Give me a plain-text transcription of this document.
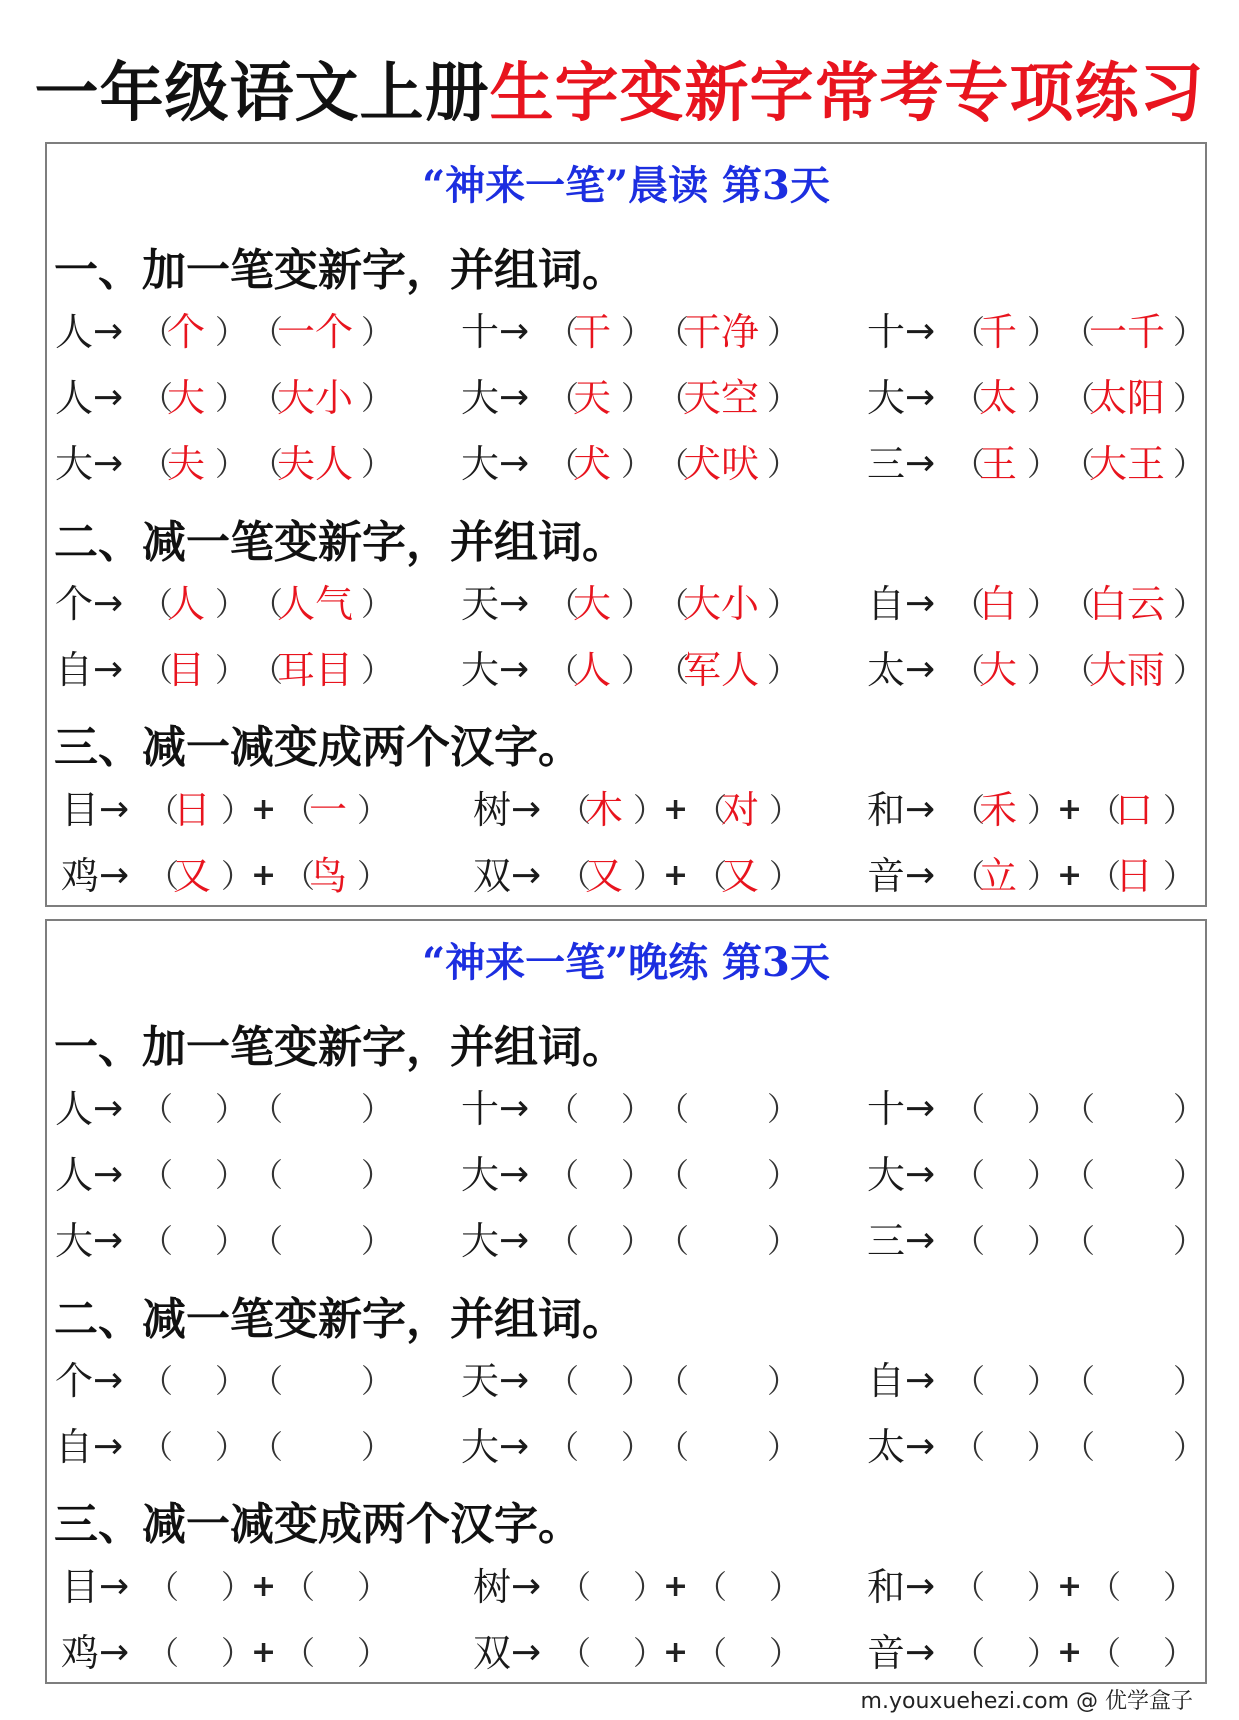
一年级语文上册生字变新字常考专项练习
“神来一笔”晨读 第3天
一、加一笔变新字，并组词。
人 → （
个 ） （
一个 ） 十 → （
干 ） （
干净 ） 十 → （
千 ） （
一千 ）
人 → （
大 ） （
大小 ） 大 → （
天 ） （
天空 ） 大 → （
太 ） （
太阳 ）
大 → （
夫 ） （
夫人 ） 大 → （
犬 ） （
犬吠 ） 三 → （
王 ） （
大王 ）
二、减一笔变新字，并组词。
个 → （
人 ） （
人气 ） 天 → （
大 ） （
大小 ） 自 → （
白 ） （
白云 ）
自 → （
目 ） （
耳目 ） 大 → （
人 ） （
军人 ） 太 → （
大 ） （
大雨 ）
三、减一减变成两个汉字。
目 → （
日 ）
+ （
一 ） 树 → （
木 ）
+ （
对 ） 和 → （
禾 ）
+ （
口 ）
鸡 → （
又 ）
+ （
鸟 ） 双 → （
又 ）
+ （
又 ） 音 → （
立 ）
+ （
日 ）
“神来一笔”晚练 第3天
一、加一笔变新字，并组词。
人 → （ ） （ ） 十 → （ ） （ ） 十 → （ ） （ ）
人 → （ ） （ ） 大 → （ ） （ ） 大 → （ ） （ ）
大 → （ ） （ ） 大 → （ ） （ ） 三 → （ ） （ ）
二、减一笔变新字，并组词。
个 → （ ） （ ） 天 → （ ） （ ） 自 → （ ） （ ）
自 → （ ） （ ） 大 → （ ） （ ） 太 → （ ） （ ）
三、减一减变成两个汉字。
目 → （ ）
+ （ ） 树 → （ ）
+ （ ） 和 → （ ）
+ （ ）
鸡 → （ ）
+ （ ） 双 → （ ）
+ （ ） 音 → （ ）
+ （ ）
m.youxuehezi.com @ 优学盒子
